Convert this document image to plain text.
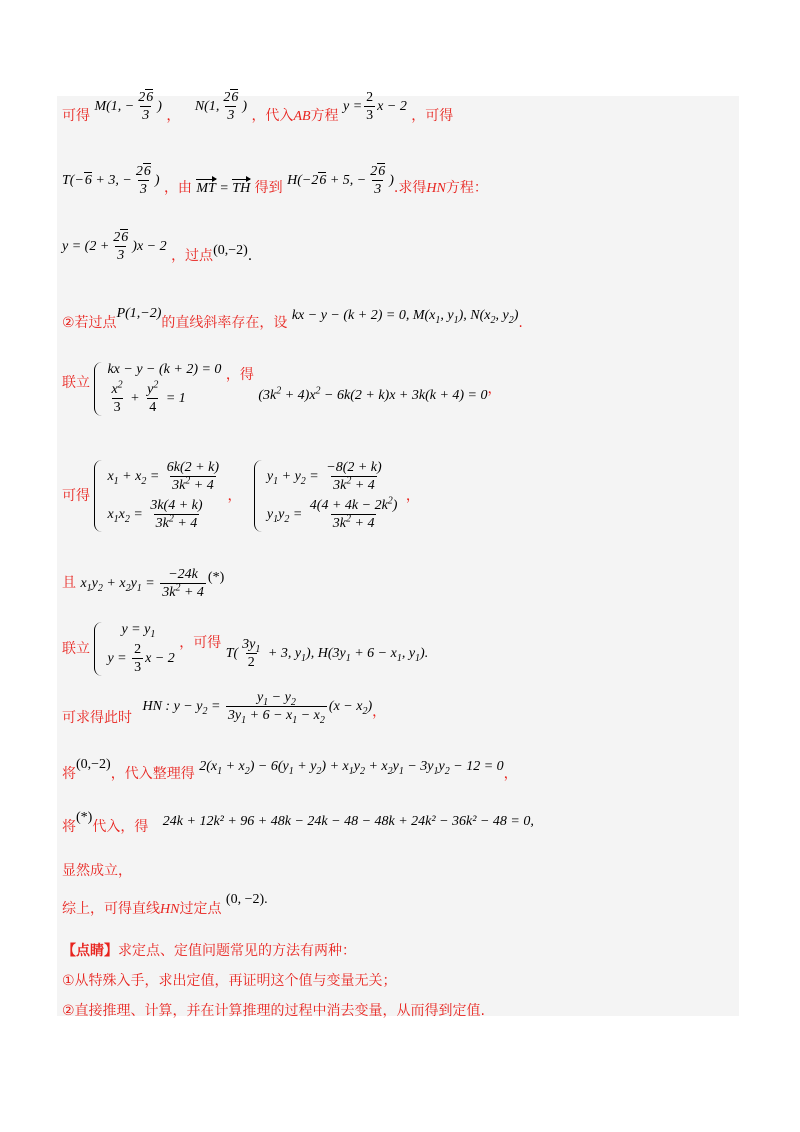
可得 M(1, − $\frac{26}{3}$ ) ， N(1, $\frac{26}{3}$ ) ，代入AB方程 $y = \frac{2}{3}$ x − 2 ，可得
T(−6 + 3, − $\frac{26}{3}$ ) ，由 MT = TH 得到 H(−26 + 5, − $\frac{26}{3}$ ).求得HN方程：
$y = (2 + \frac{26}{3} )x - 2$ ，过点(0,−2).
②若过点P(1,−2)的直线斜率存在，设 kx − y − (k + 2) = 0, $M(x_1$, $y_1$), $N(x_2$, $y_2$).
联立
kx − y − (k + 2) = 0
$\frac{x^2}{3} + \frac{y^2}{4} = 1$
，得 $(3k^2 + 4)x^2 - 6k(2 + k)x + 3k(k + 4) = 0$，
可得
$x_1 + x_2 = \frac{6k(2 + k)}{3k^2 + 4}$
$x_1x_2 = \frac{3k(4 + k)}{3k^2 + 4}$
，
$y_1 + y_2 = \frac{-8(2 + k)}{3k^2 + 4}$
$y_1y_2 = \frac{4(4 + 4k - 2k^2)}{3k^2 + 4}$
，
且 $x_1y_2 + x_2y_1 = \frac{-24k}{3k^2 + 4}$ (*)
联立
$y = y_1$
$y = \frac{2}{3}$ x − 2
，可得 $T( \frac{3y_1}{2} + 3$, $y_1$), $H(3y_1 + 6 - x_1$, $y_1$).
可求得此时 HN : $y - y_2 = \frac{y_1 - y_2}{3y_1 + 6 - x_1 - x_2} (x - x_2)$，
将(0,−2)，代入整理得 $2(x_1 + x_2) - 6(y_1 + y_2) + x_1y_2 + x_2y_1 - 3y_1y_2 - 12 = 0$，
将(*)代入，得 24k + 12k² + 96 + 48k − 24k − 48 − 48k + 24k² − 36k² − 48 = 0,
显然成立，
综上，可得直线HN过定点 (0, −2).
【点睛】求定点、定值问题常见的方法有两种：
①从特殊入手，求出定值，再证明这个值与变量无关；
②直接推理、计算，并在计算推理的过程中消去变量，从而得到定值.
